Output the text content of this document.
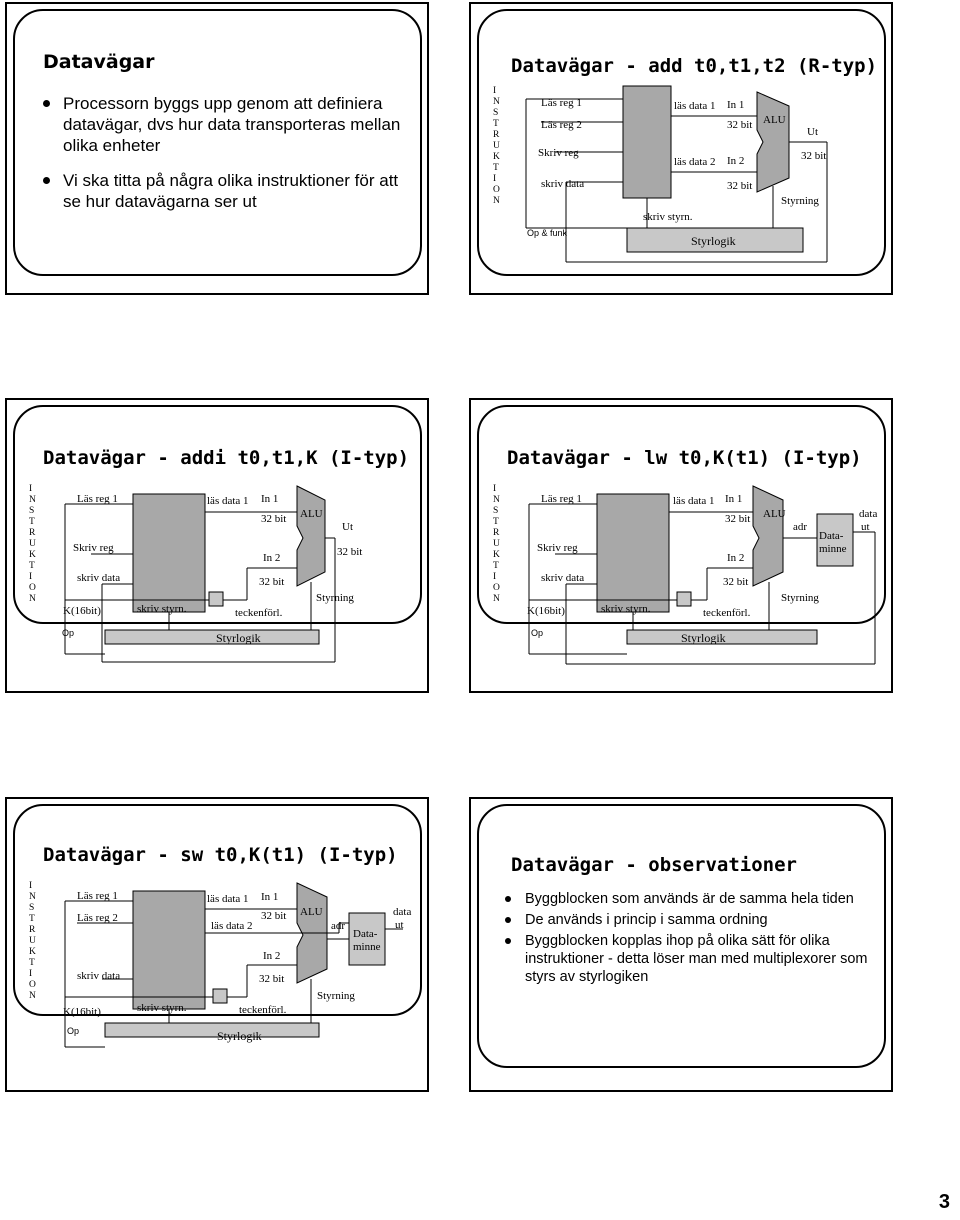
Datavägar
Processorn byggs upp genom att definiera datavägar, dvs hur data transporteras mellan olika enheter
Vi ska titta på några olika instruktioner för att se hur datavägarna ser ut
Datavägar - add t0,t1,t2 (R-typ)
I
N
S
T
R
U
K
T
I
O
N
Läs reg 1
Läs reg 2
Skriv reg
skriv data
skriv styrn.
läs data 1
läs data 2
In 1
In 2
32 bit
32 bit
ALU
Ut
32 bit
Styrning
Styrlogik
Op & funk
Datavägar - addi t0,t1,K (I-typ)
I
N
S
T
R
U
K
T
I
O
N
Läs reg 1
Skriv reg
skriv data
K(16bit)	skriv styrn.
läs data 1
teckenförl.
In 1
32 bit
In 2
32 bit
ALU
Ut
32 bit
Styrning
Styrlogik
Op
Datavägar - lw t0,K(t1) (I-typ)
I
N
S
T
R
U
K
T
I
O
N
Läs reg 1
Skriv reg
skriv data
K(16bit)	skriv styrn.
läs data 1
teckenförl.
In 1
32 bit
In 2
32 bit
ALU
adr
Data-
minne
data
ut
Styrning
Styrlogik
Op
Datavägar - sw t0,K(t1) (I-typ)
I
N
S
T
R
U
K
T
I
O
N
Läs reg 1
Läs reg 2
skriv data
K(16bit)	skriv styrn.
läs data 1
läs data 2
teckenförl.
In 1
32 bit
In 2
32 bit
ALU
adr
Data-
minne
data
ut
Styrning
Styrlogik
Op
Datavägar - observationer
Byggblocken som används är de samma hela tiden
De används i princip i samma ordning
Byggblocken kopplas ihop på olika sätt för olika instruktioner - detta löser man med multiplexorer som styrs av styrlogiken
3
